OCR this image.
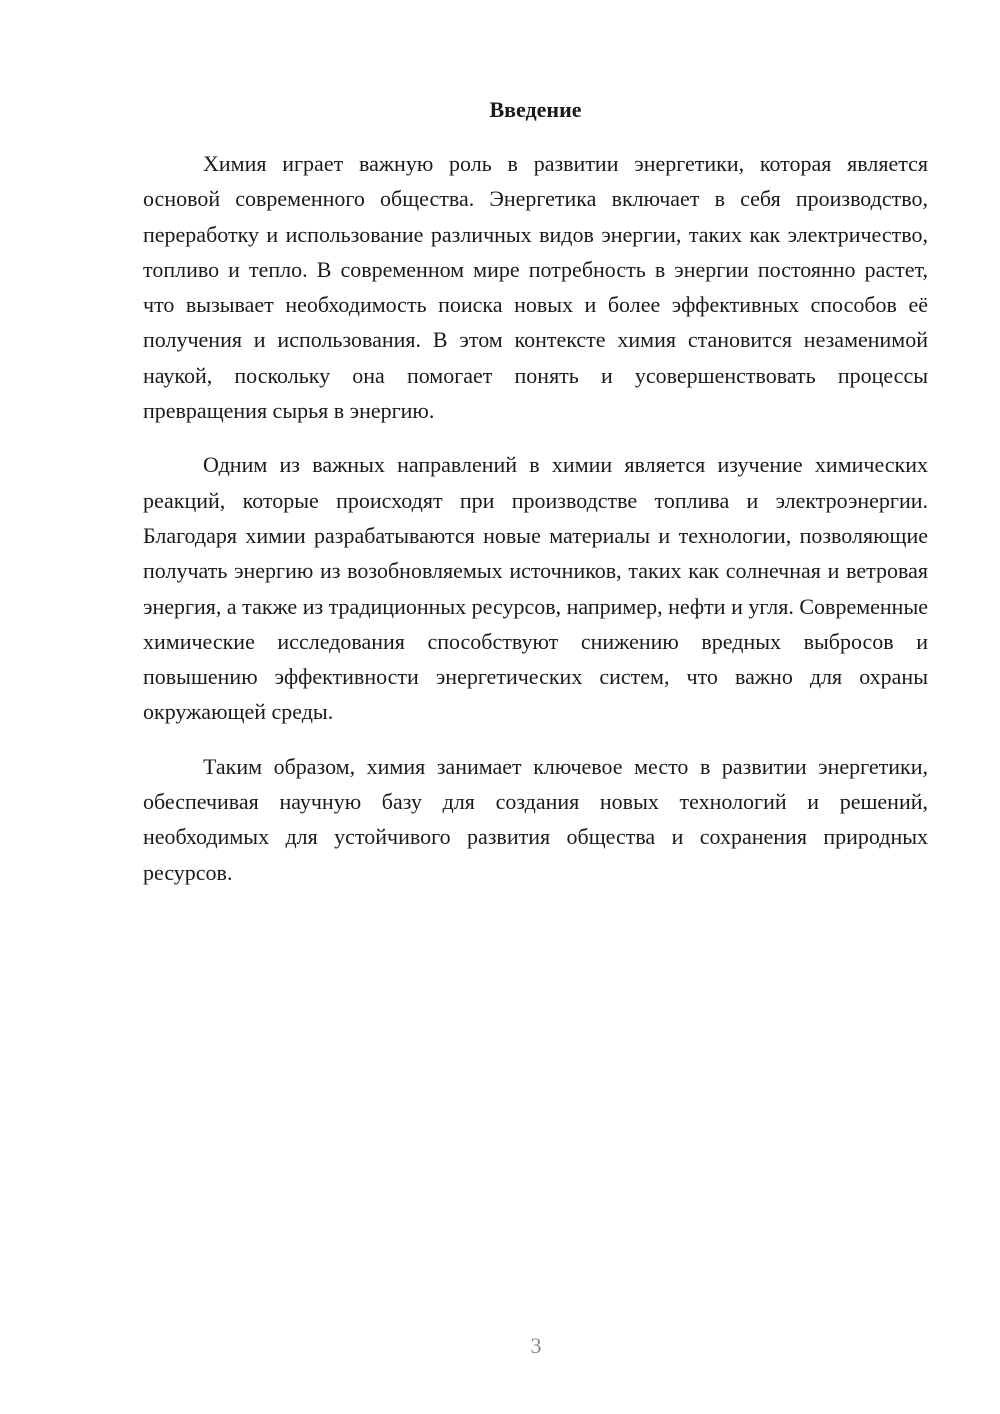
Введение

Химия играет важную роль в развитии энергетики, которая является основой современного общества. Энергетика включает в себя производство, переработку и использование различных видов энергии, таких как электричество, топливо и тепло. В современном мире потребность в энергии постоянно растет, что вызывает необходимость поиска новых и более эффективных способов её получения и использования. В этом контексте химия становится незаменимой наукой, поскольку она помогает понять и усовершенствовать процессы превращения сырья в энергию.

Одним из важных направлений в химии является изучение химических реакций, которые происходят при производстве топлива и электроэнергии. Благодаря химии разрабатываются новые материалы и технологии, позволяющие получать энергию из возобновляемых источников, таких как солнечная и ветровая энергия, а также из традиционных ресурсов, например, нефти и угля. Современные химические исследования способствуют снижению вредных выбросов и повышению эффективности энергетических систем, что важно для охраны окружающей среды.

Таким образом, химия занимает ключевое место в развитии энергетики, обеспечивая научную базу для создания новых технологий и решений, необходимых для устойчивого развития общества и сохранения природных ресурсов.

3
